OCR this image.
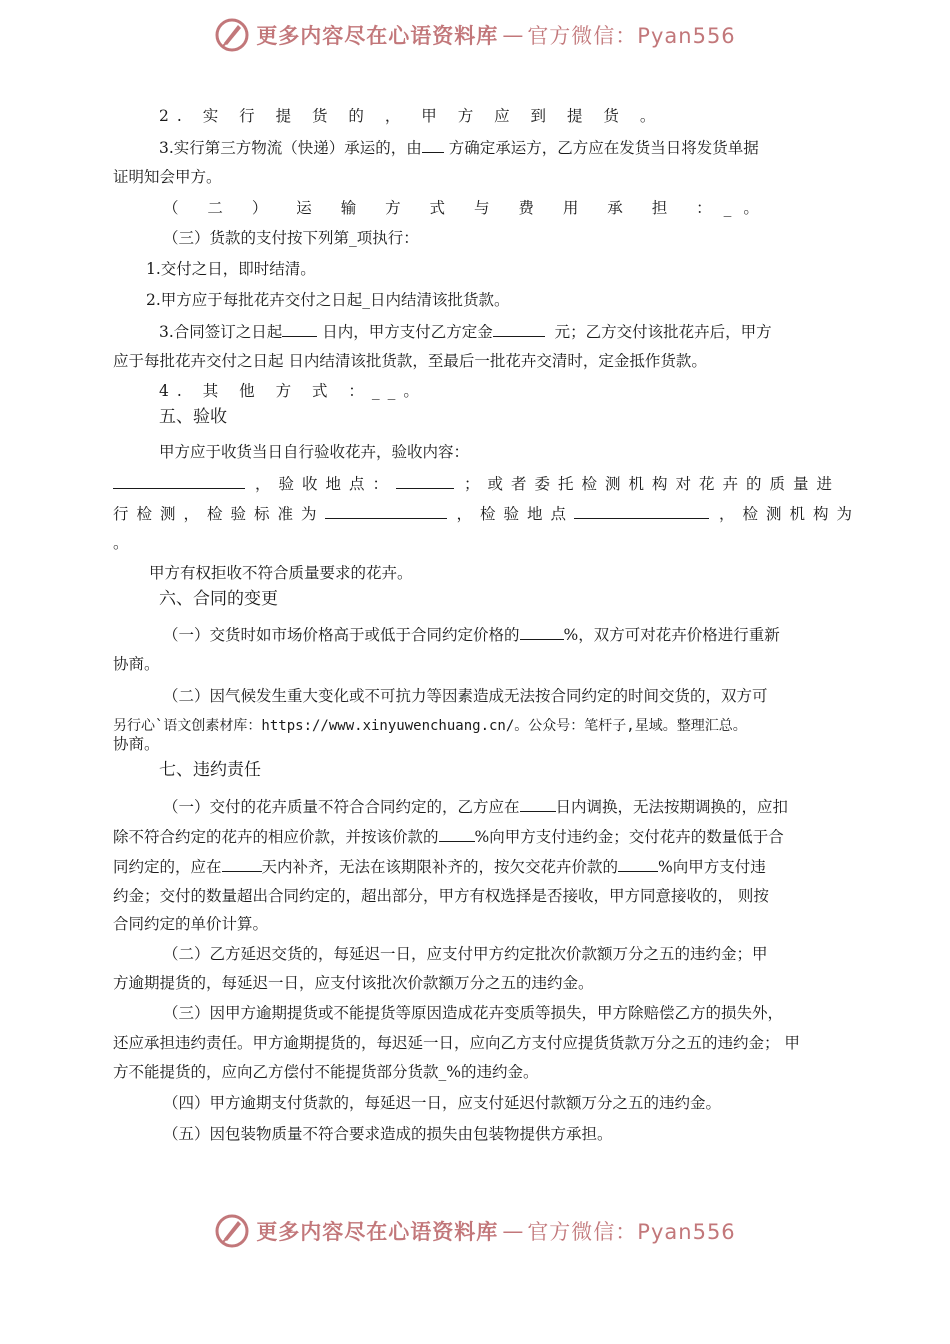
更多内容尽在心语资料库 — 官方微信：Pyan556
2. 实 行 提 货 的 ， 甲 方 应 到 提 货 。
3.实行第三方物流（快递）承运的，由 方确定承运方，乙方应在发货当日将发货单据
证明知会甲方。
（ 二 ） 运 输 方 式 与 费 用 承 担 ：_。
（三）货款的支付按下列第_项执行：
1.交付之日，即时结清。
2.甲方应于每批花卉交付之日起_日内结清该批货款。
3.合同签订之日起	日内，甲方支付乙方定金	元；乙方交付该批花卉后，甲方
应于每批花卉交付之日起 日内结清该批货款，至最后一批花卉交清时，定金抵作货款。
4. 其 他 方 式 ：__。
五、验收
甲方应于收货当日自行验收花卉，验收内容：
，验收地点：	；或者委托检测机构对花卉的质量进
行检测，检验标准为	，检验地点	，检测机构为
。
甲方有权拒收不符合质量要求的花卉。
六、合同的变更
（一）交货时如市场价格高于或低于合同约定价格的	%，双方可对花卉价格进行重新
协商。
（二）因气候发生重大变化或不可抗力等因素造成无法按合同约定的时间交货的，双方可
另行心`语文创素材库：https://www.xinyuwenchuang.cn/。公众号：笔杆子,星域。整理汇总。
协商。
七、违约责任
（一）交付的花卉质量不符合合同约定的，乙方应在 日内调换，无法按期调换的，应扣
除不符合约定的花卉的相应价款，并按该价款的 %向甲方支付违约金；交付花卉的数量低于合
同约定的，应在	天内补齐，无法在该期限补齐的，按欠交花卉价款的	%向甲方支付违
约金；交付的数量超出合同约定的，超出部分，甲方有权选择是否接收，甲方同意接收的， 则按
合同约定的单价计算。
（二）乙方延迟交货的，每延迟一日，应支付甲方约定批次价款额万分之五的违约金；甲
方逾期提货的，每延迟一日，应支付该批次价款额万分之五的违约金。
（三）因甲方逾期提货或不能提货等原因造成花卉变质等损失，甲方除赔偿乙方的损失外，
还应承担违约责任。甲方逾期提货的，每迟延一日，应向乙方支付应提货货款万分之五的违约金； 甲
方不能提货的，应向乙方偿付不能提货部分货款_%的违约金。
（四）甲方逾期支付货款的，每延迟一日，应支付延迟付款额万分之五的违约金。
（五）因包装物质量不符合要求造成的损失由包装物提供方承担。
更多内容尽在心语资料库 — 官方微信：Pyan556
